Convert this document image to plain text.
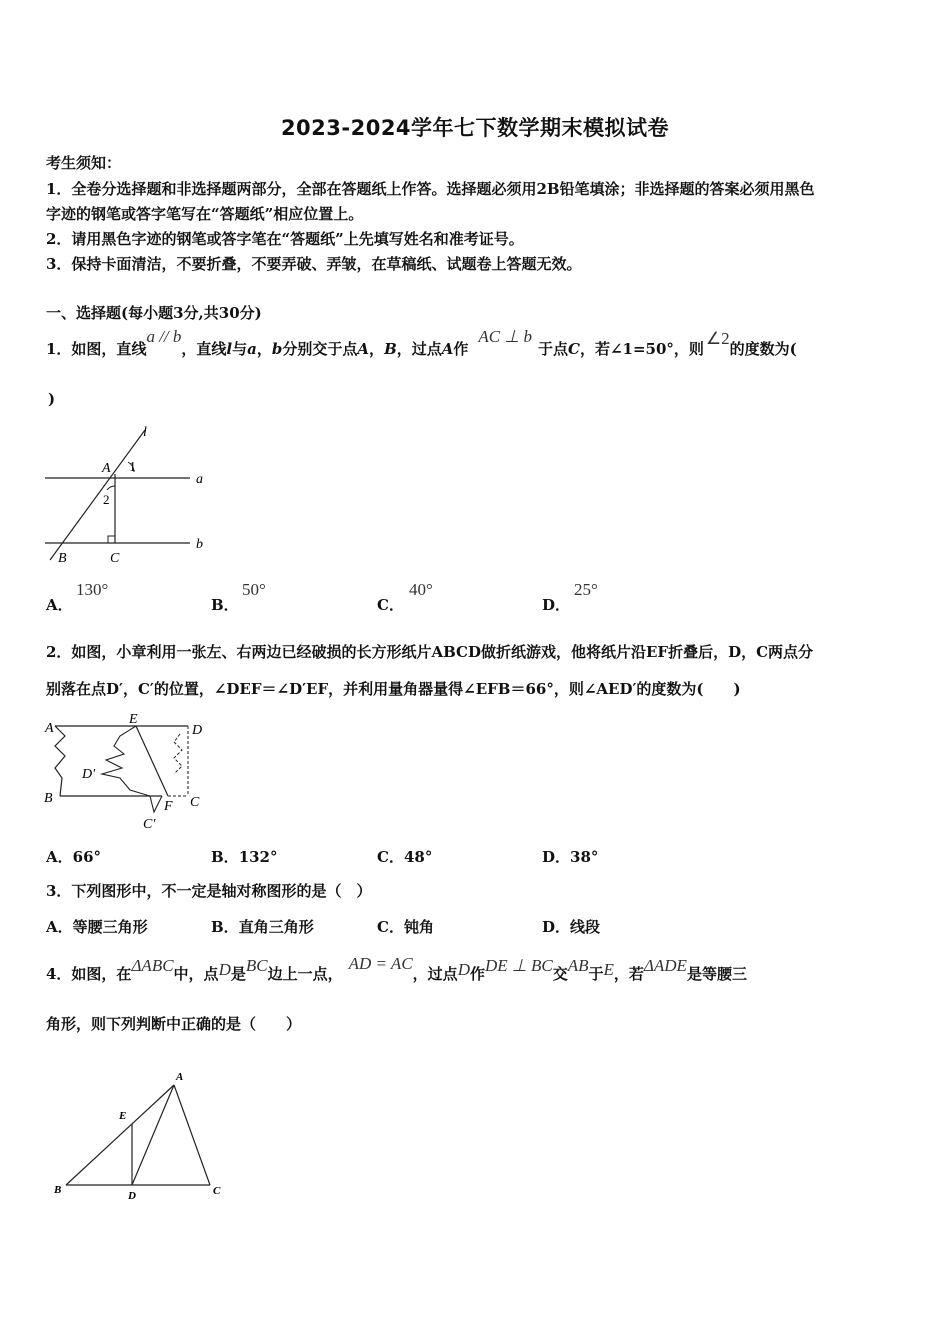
2023-2024学年七下数学期末模拟试卷
考生须知：
1．全卷分选择题和非选择题两部分，全部在答题纸上作答。选择题必须用2B铅笔填涂；非选择题的答案必须用黑色
字迹的钢笔或答字笔写在“答题纸”相应位置上。
2．请用黑色字迹的钢笔或答字笔在“答题纸”上先填写姓名和准考证号。
3．保持卡面清洁，不要折叠，不要弄破、弄皱，在草稿纸、试题卷上答题无效。
一、选择题(每小题3分,共30分)
1．如图，直线a // b，直线l与a，b分别交于点A，B，过点A作AC ⊥ b于点C，若∠1=50°，则∠2的度数为(
)
l
a
b
A 1
2
B	C
A．
130°
B．
50°
C．
40°
D．
25°
2．如图，小章利用一张左、右两边已经破损的长方形纸片ABCD做折纸游戏，他将纸片沿EF折叠后，D，C两点分
别落在点D′，C′的位置，∠DEF＝∠D′EF，并利用量角器量得∠EFB＝66°，则∠AED′的度数为(　　)
A
E
D
D′
B
F C
C′
A．66°	B．132°	C．48°	D．38°
3．下列图形中，不一定是轴对称图形的是（　）
A．等腰三角形	B．直角三角形	C．钝角	D．线段
4．如图，在ΔABC中，点D是BC边上一点，AD = AC，过点D作DE ⊥ BC交AB于E，若ΔADE是等腰三
角形，则下列判断中正确的是（　　）
A
E
B	D	C
